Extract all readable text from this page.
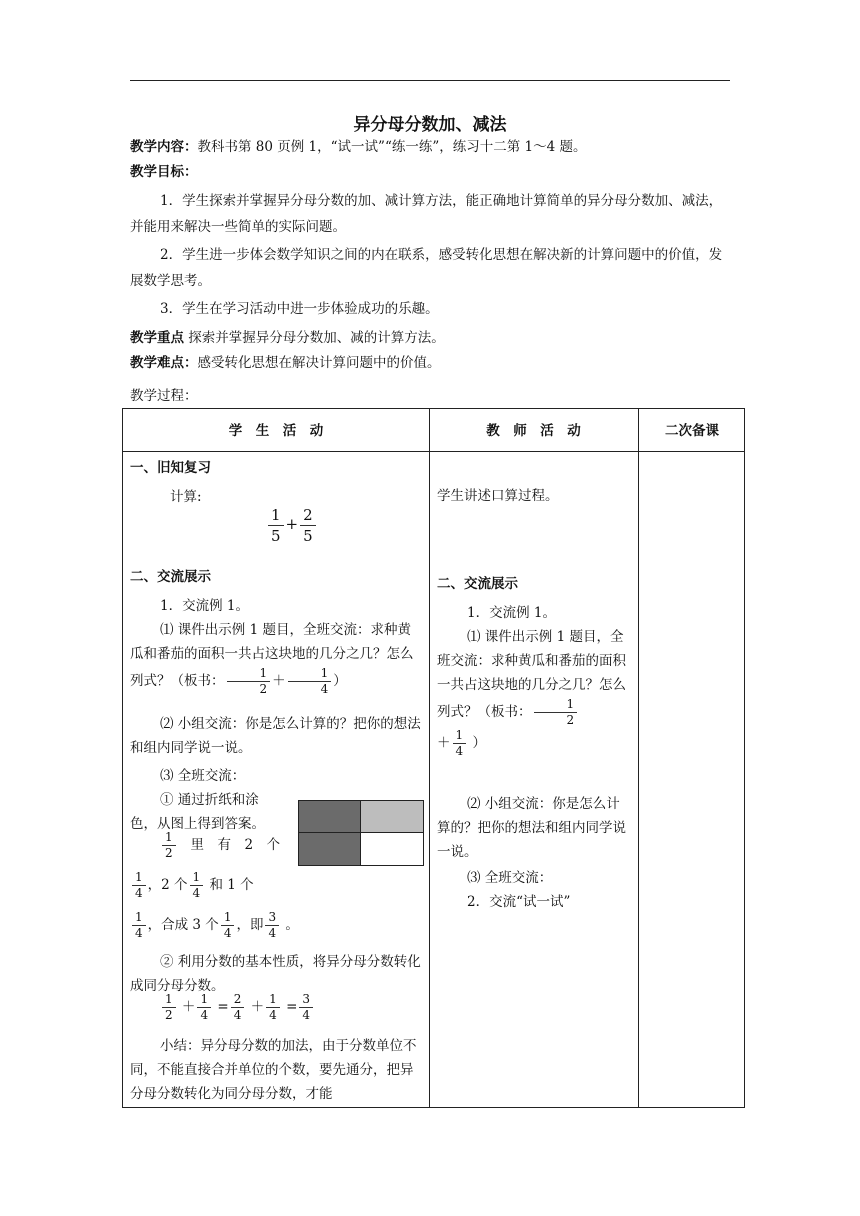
异分母分数加、减法
教学内容：教科书第 80 页例 1，“试一试”“练一练”，练习十二第 1～4 题。
教学目标：
1．学生探索并掌握异分母分数的加、减计算方法，能正确地计算简单的异分母分数加、减法，并能用来解决一些简单的实际问题。
2．学生进一步体会数学知识之间的内在联系，感受转化思想在解决新的计算问题中的价值，发展数学思考。
3．学生在学习活动中进一步体验成功的乐趣。
教学重点 探索并掌握异分母分数加、减的计算方法。
教学难点：感受转化思想在解决计算问题中的价值。
教学过程：
学　生　活　动	教　师　活　动	二次备课
一、旧知复习
计算:
$\frac{1}{5} + \frac{2}{5}$
二、交流展示
1．交流例 1。
⑴ 课件出示例 1 题目，全班交流：求种黄瓜和番茄的面积一共占这块地的几分之几？怎么列式？（板书： $\frac{1}{2} + \frac{1}{4}$ ）
⑵ 小组交流：你是怎么计算的？把你的想法和组内同学说一说。
⑶ 全班交流：
① 通过折纸和涂色，从图上得到答案。
$\frac{1}{2}$ 里　有　2　个
$\frac{1}{4}$ ，2 个 $\frac{1}{4}$ 和 1 个
$\frac{1}{4}$ ，合成 3 个 $\frac{1}{4}$ ，即 $\frac{3}{4}$ 。
② 利用分数的基本性质，将异分母分数转化成同分母分数。
$\frac{1}{2} + \frac{1}{4} = \frac{2}{4} + \frac{1}{4} = \frac{3}{4}$
小结：异分母分数的加法，由于分数单位不同，不能直接合并单位的个数，要先通分，把异分母分数转化为同分母分数，才能
学生讲述口算过程。
二、交流展示
1．交流例 1。
⑴ 课件出示例 1 题目，全班交流：求种黄瓜和番茄的面积一共占这块地的几分之几？怎么列式？（板书： $\frac{1}{2}$

＋ $\frac{1}{4}$ ）
⑵ 小组交流：你是怎么计算的？把你的想法和组内同学说一说。
⑶ 全班交流：
2．交流“试一试”
